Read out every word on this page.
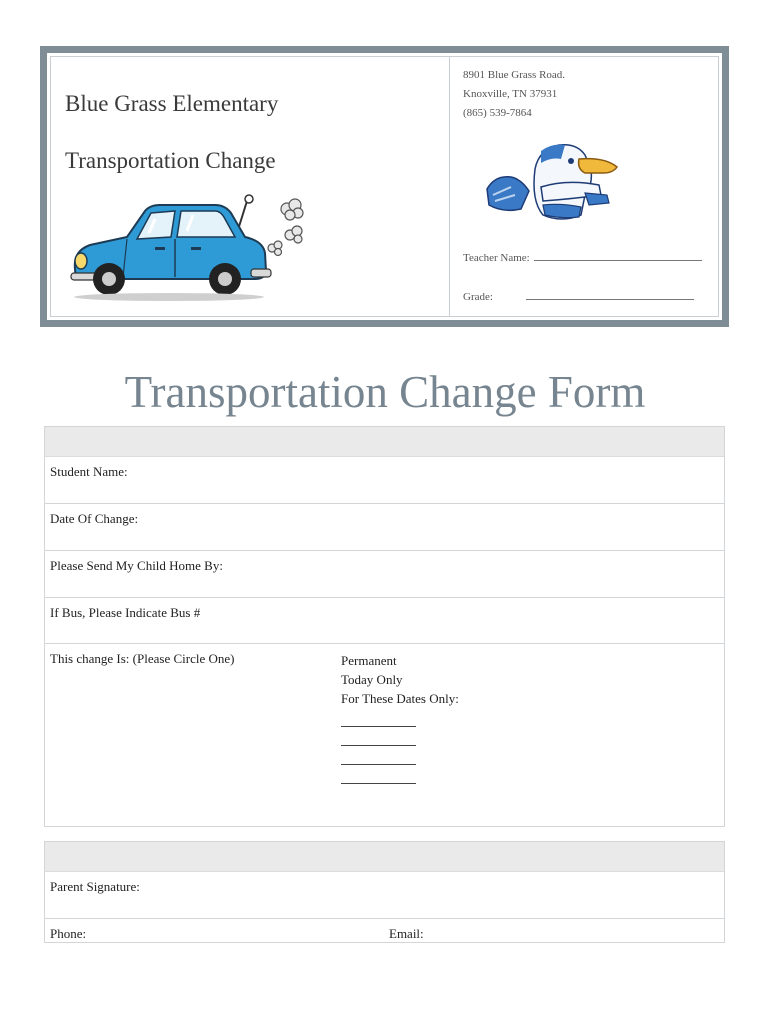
Blue Grass Elementary
Transportation Change
8901 Blue Grass Road.
Knoxville, TN 37931
(865) 539-7864
Teacher Name:
Grade:
Transportation Change Form
Student Name:
Date Of Change:
Please Send My Child Home By:
If Bus, Please Indicate Bus #
This change Is: (Please Circle One)	Permanent
Today Only
For These Dates Only:
Parent Signature:
Phone:	Email:
